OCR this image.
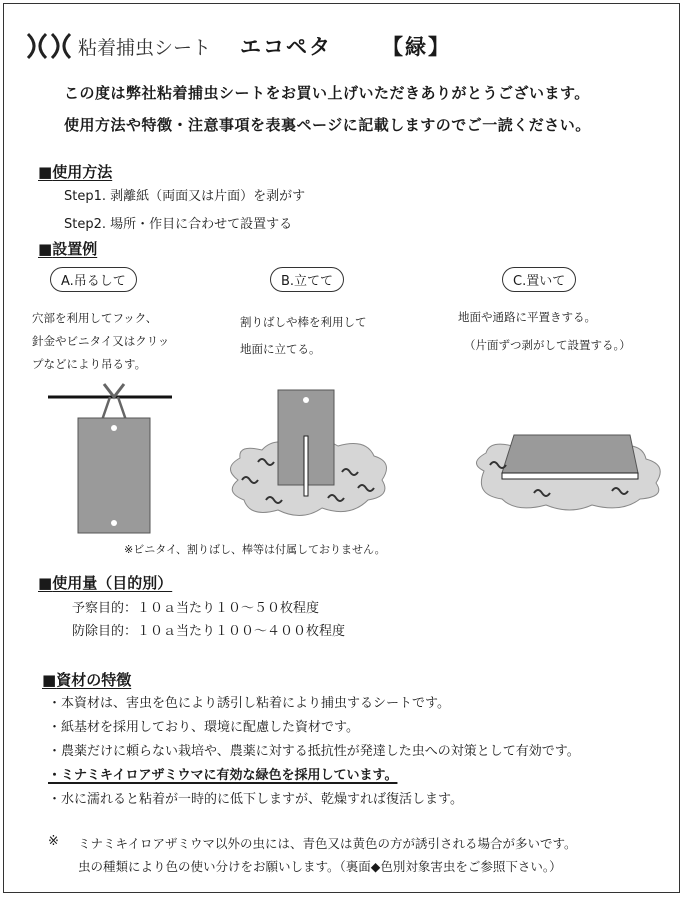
粘着捕虫シート エコペタ 【緑】
この度は弊社粘着捕虫シートをお買い上げいただきありがとうございます。
使用方法や特徴・注意事項を表裏ページに記載しますのでご一読ください。
■使用方法
Step1. 剥離紙（両面又は片面）を剥がす
Step2. 場所・作目に合わせて設置する
■設置例
A.吊るして	B.立てて	C.置いて
穴部を利用してフック、
針金やビニタイ又はクリッ
プなどにより吊るす。
割りばしや棒を利用して
地面に立てる。
地面や通路に平置きする。
（片面ずつ剥がして設置する。）
※ビニタイ、割りばし、棒等は付属しておりません。
■使用量（目的別）
予察目的：１０ａ当たり１０～５０枚程度
防除目的：１０ａ当たり１００～４００枚程度
■資材の特徴
・本資材は、害虫を色により誘引し粘着により捕虫するシートです。
・紙基材を採用しており、環境に配慮した資材です。
・農薬だけに頼らない栽培や、農薬に対する抵抗性が発達した虫への対策として有効です。
・ミナミキイロアザミウマに有効な緑色を採用しています。
・水に濡れると粘着が一時的に低下しますが、乾燥すれば復活します。
※ ミナミキイロアザミウマ以外の虫には、青色又は黄色の方が誘引される場合が多いです。
虫の種類により色の使い分けをお願いします。（裏面◆色別対象害虫をご参照下さい。）
